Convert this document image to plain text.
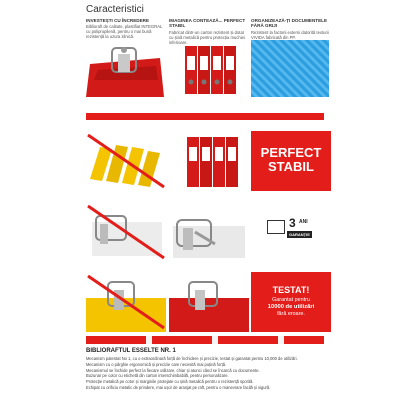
Caracteristici
INVESTEȘTI CU ÎNCREDERE
Biblioraft de calitate, plastifiat INTEGRAL cu polipropilenă, pentru o mai bună rezistență la uzura zilnică.
IMAGINEA CONTEAZĂ... PERFECT STABIL
Fabricat dintr-un carton rezistent și dotat cu șină metalică pentru protecția muchiei inferioare.
ORGANIZEAZĂ-ȚI DOCUMENTELE FĂRĂ GRIJI
Rezistent la factorii externi datorită texturii VIVIDA fabricată din PP.
PERFECT
STABIL
3 ANI
GARANȚIE
TESTAT!
Garantat pentru
10000 de utilizări
fără eroare.
BIBLIORAFTUL ESSELTE NR. 1
Mecanism patentat No 1, cu o extraordinară forță de închidere și precizie, testat și garantat pentru 10,000 de utilizări.
Mecanism cu o pârghie ergonomică și precizie care necesită mai puțină forță.
Mecanismul se închide perfect la fiecare utilizare, chiar și atunci când se încarcă cu documente.
Buzunar pe cotor cu etichetă din carton interschimbabilă, pentru personalizare.
Protecție metalică pe cotor și marginile protejate cu șină metalică pentru o rezistență sporită.
Echipat cu orificiu metalic de prindere, mai ușor de aranjat pe raft, pentru o manevrare facilă și sigură.
